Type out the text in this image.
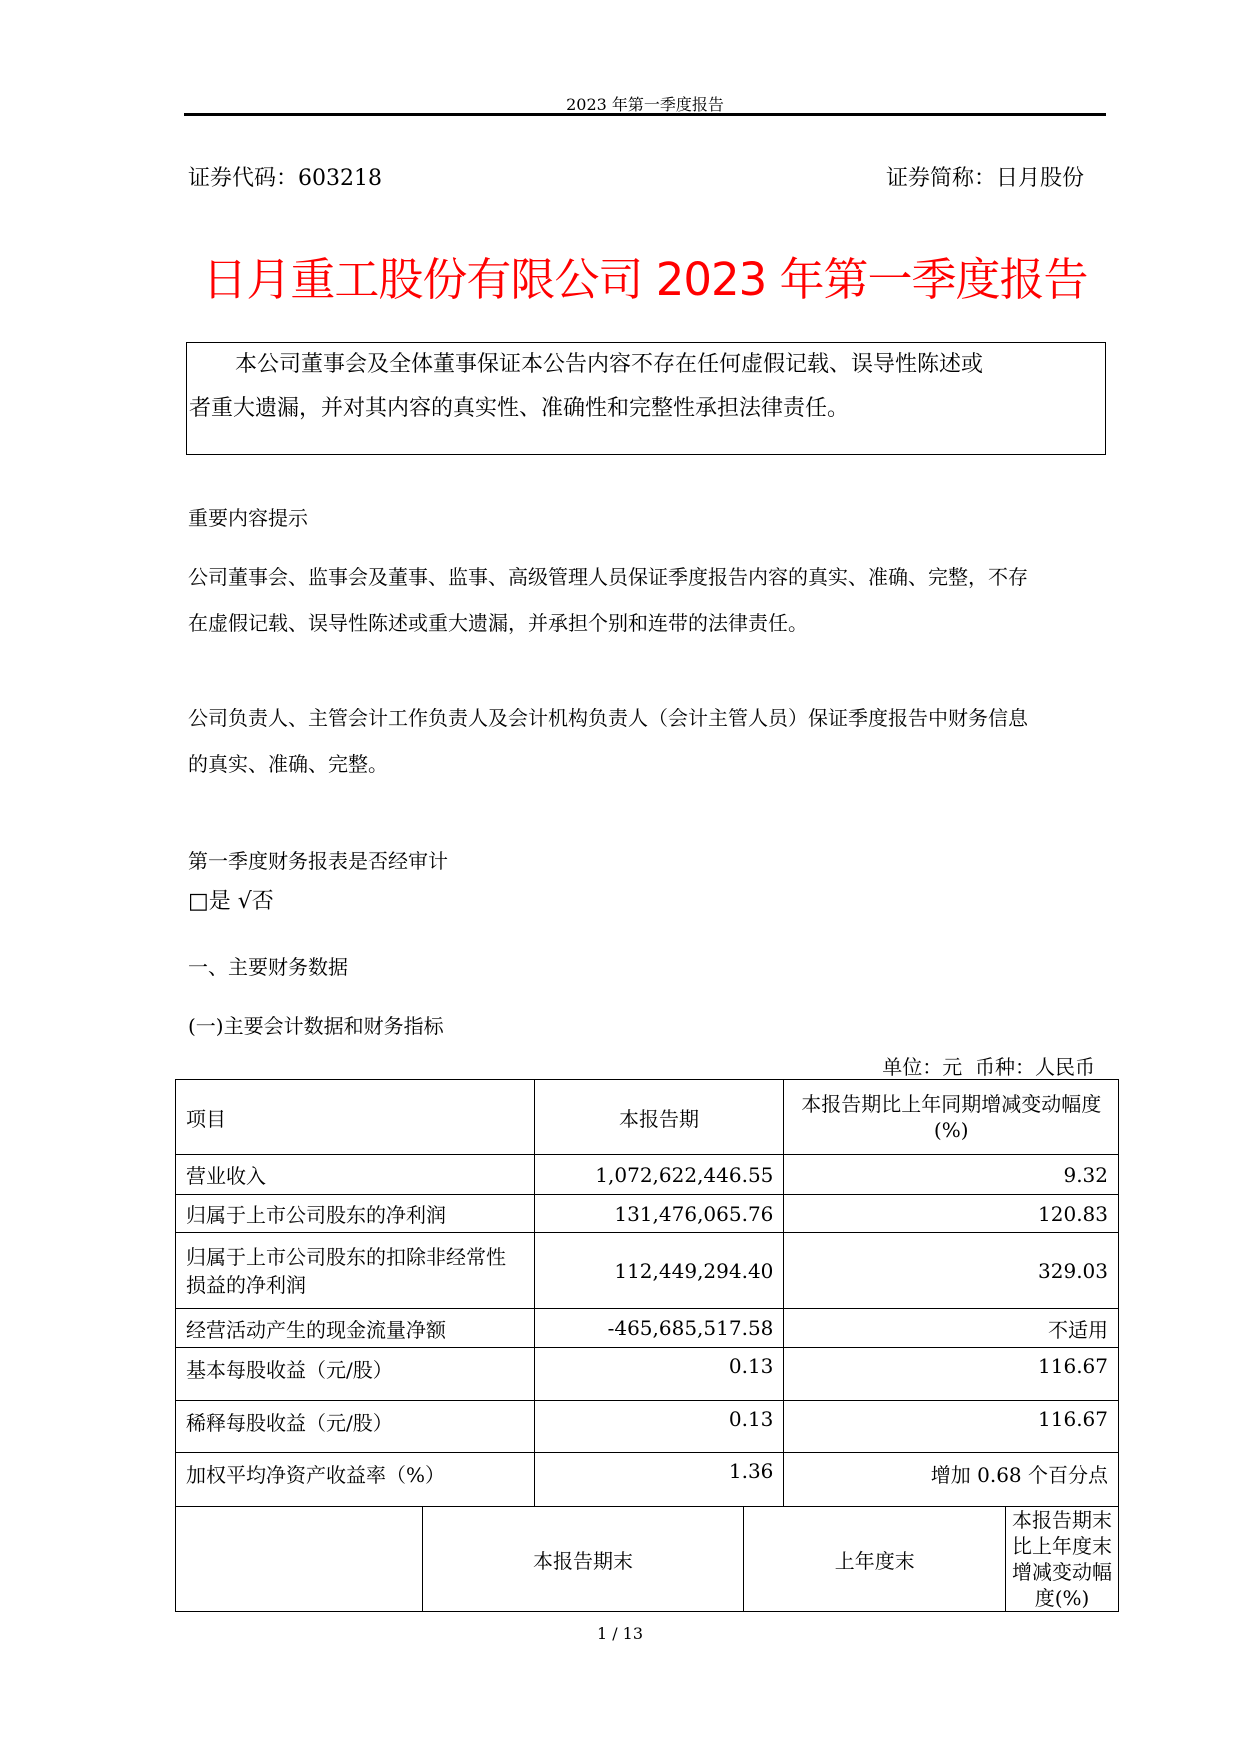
2023 年第一季度报告
证券代码：603218	证券简称：日月股份
日月重工股份有限公司 2023 年第一季度报告

本公司董事会及全体董事保证本公告内容不存在任何虚假记载、误导性陈述或

者重大遗漏，并对其内容的真实性、准确性和完整性承担法律责任。

重要内容提示
公司董事会、监事会及董事、监事、高级管理人员保证季度报告内容的真实、准确、完整，不存
在虚假记载、误导性陈述或重大遗漏，并承担个别和连带的法律责任。
公司负责人、主管会计工作负责人及会计机构负责人（会计主管人员）保证季度报告中财务信息
的真实、准确、完整。
第一季度财务报表是否经审计
□是 √否
一、主要财务数据
(一)主要会计数据和财务指标
单位：元  币种：人民币
项目		本报告期		本报告期比上年同期增减变动幅度(%)	
营业收入		1,072,622,446.55		9.32	
归属于上市公司股东的净利润		131,476,065.76		120.83	
归属于上市公司股东的扣除非经常性损益的净利润		112,449,294.40		329.03	
经营活动产生的现金流量净额		-465,685,517.58		不适用	
基本每股收益（元/股）		0.13		116.67	
稀释每股收益（元/股）		0.13		116.67	
加权平均净资产收益率（%）		1.36		增加 0.68 个百分点	
	本报告期末		上年度末		本报告期末比上年度末增减变动幅度(%)
1 / 13
